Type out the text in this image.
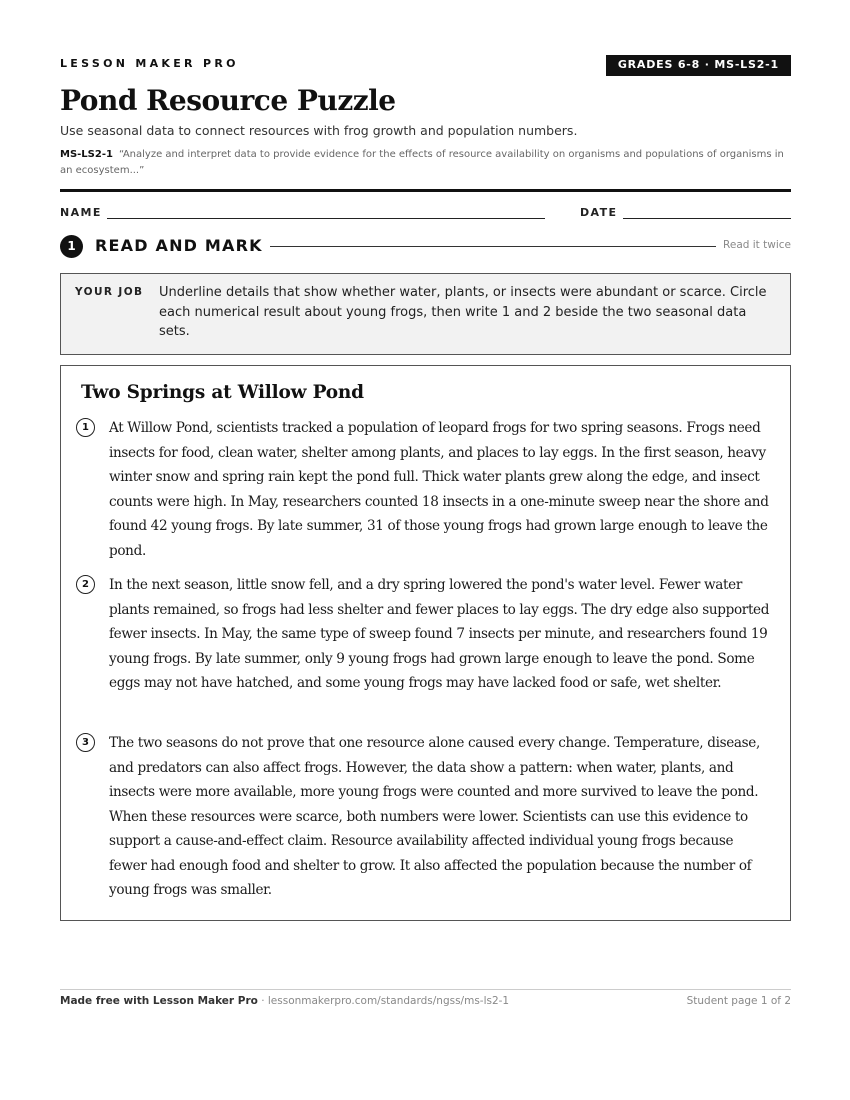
LESSON MAKER PRO	GRADES 6-8 · MS-LS2-1
Pond Resource Puzzle
Use seasonal data to connect resources with frog growth and population numbers.
MS-LS2-1 “Analyze and interpret data to provide evidence for the effects of resource availability on organisms and populations of organisms in an ecosystem...”
NAME	DATE
1	READ AND MARK	Read it twice
YOUR JOB Underline details that show whether water, plants, or insects were abundant or scarce. Circle each numerical result about young frogs, then write 1 and 2 beside the two seasonal data sets.
Two Springs at Willow Pond
1	At Willow Pond, scientists tracked a population of leopard frogs for two spring seasons. Frogs need insects for food, clean water, shelter among plants, and places to lay eggs. In the first season, heavy winter snow and spring rain kept the pond full. Thick water plants grew along the edge, and insect counts were high. In May, researchers counted 18 insects in a one-minute sweep near the shore and found 42 young frogs. By late summer, 31 of those young frogs had grown large enough to leave the pond.
2	In the next season, little snow fell, and a dry spring lowered the pond's water level. Fewer water plants remained, so frogs had less shelter and fewer places to lay eggs. The dry edge also supported fewer insects. In May, the same type of sweep found 7 insects per minute, and researchers found 19 young frogs. By late summer, only 9 young frogs had grown large enough to leave the pond. Some eggs may not have hatched, and some young frogs may have lacked food or safe, wet shelter.
3	The two seasons do not prove that one resource alone caused every change. Temperature, disease, and predators can also affect frogs. However, the data show a pattern: when water, plants, and insects were more available, more young frogs were counted and more survived to leave the pond. When these resources were scarce, both numbers were lower. Scientists can use this evidence to support a cause-and-effect claim. Resource availability affected individual young frogs because fewer had enough food and shelter to grow. It also affected the population because the number of young frogs was smaller.
Made free with Lesson Maker Pro · lessonmakerpro.com/standards/ngss/ms-ls2-1	Student page 1 of 2
